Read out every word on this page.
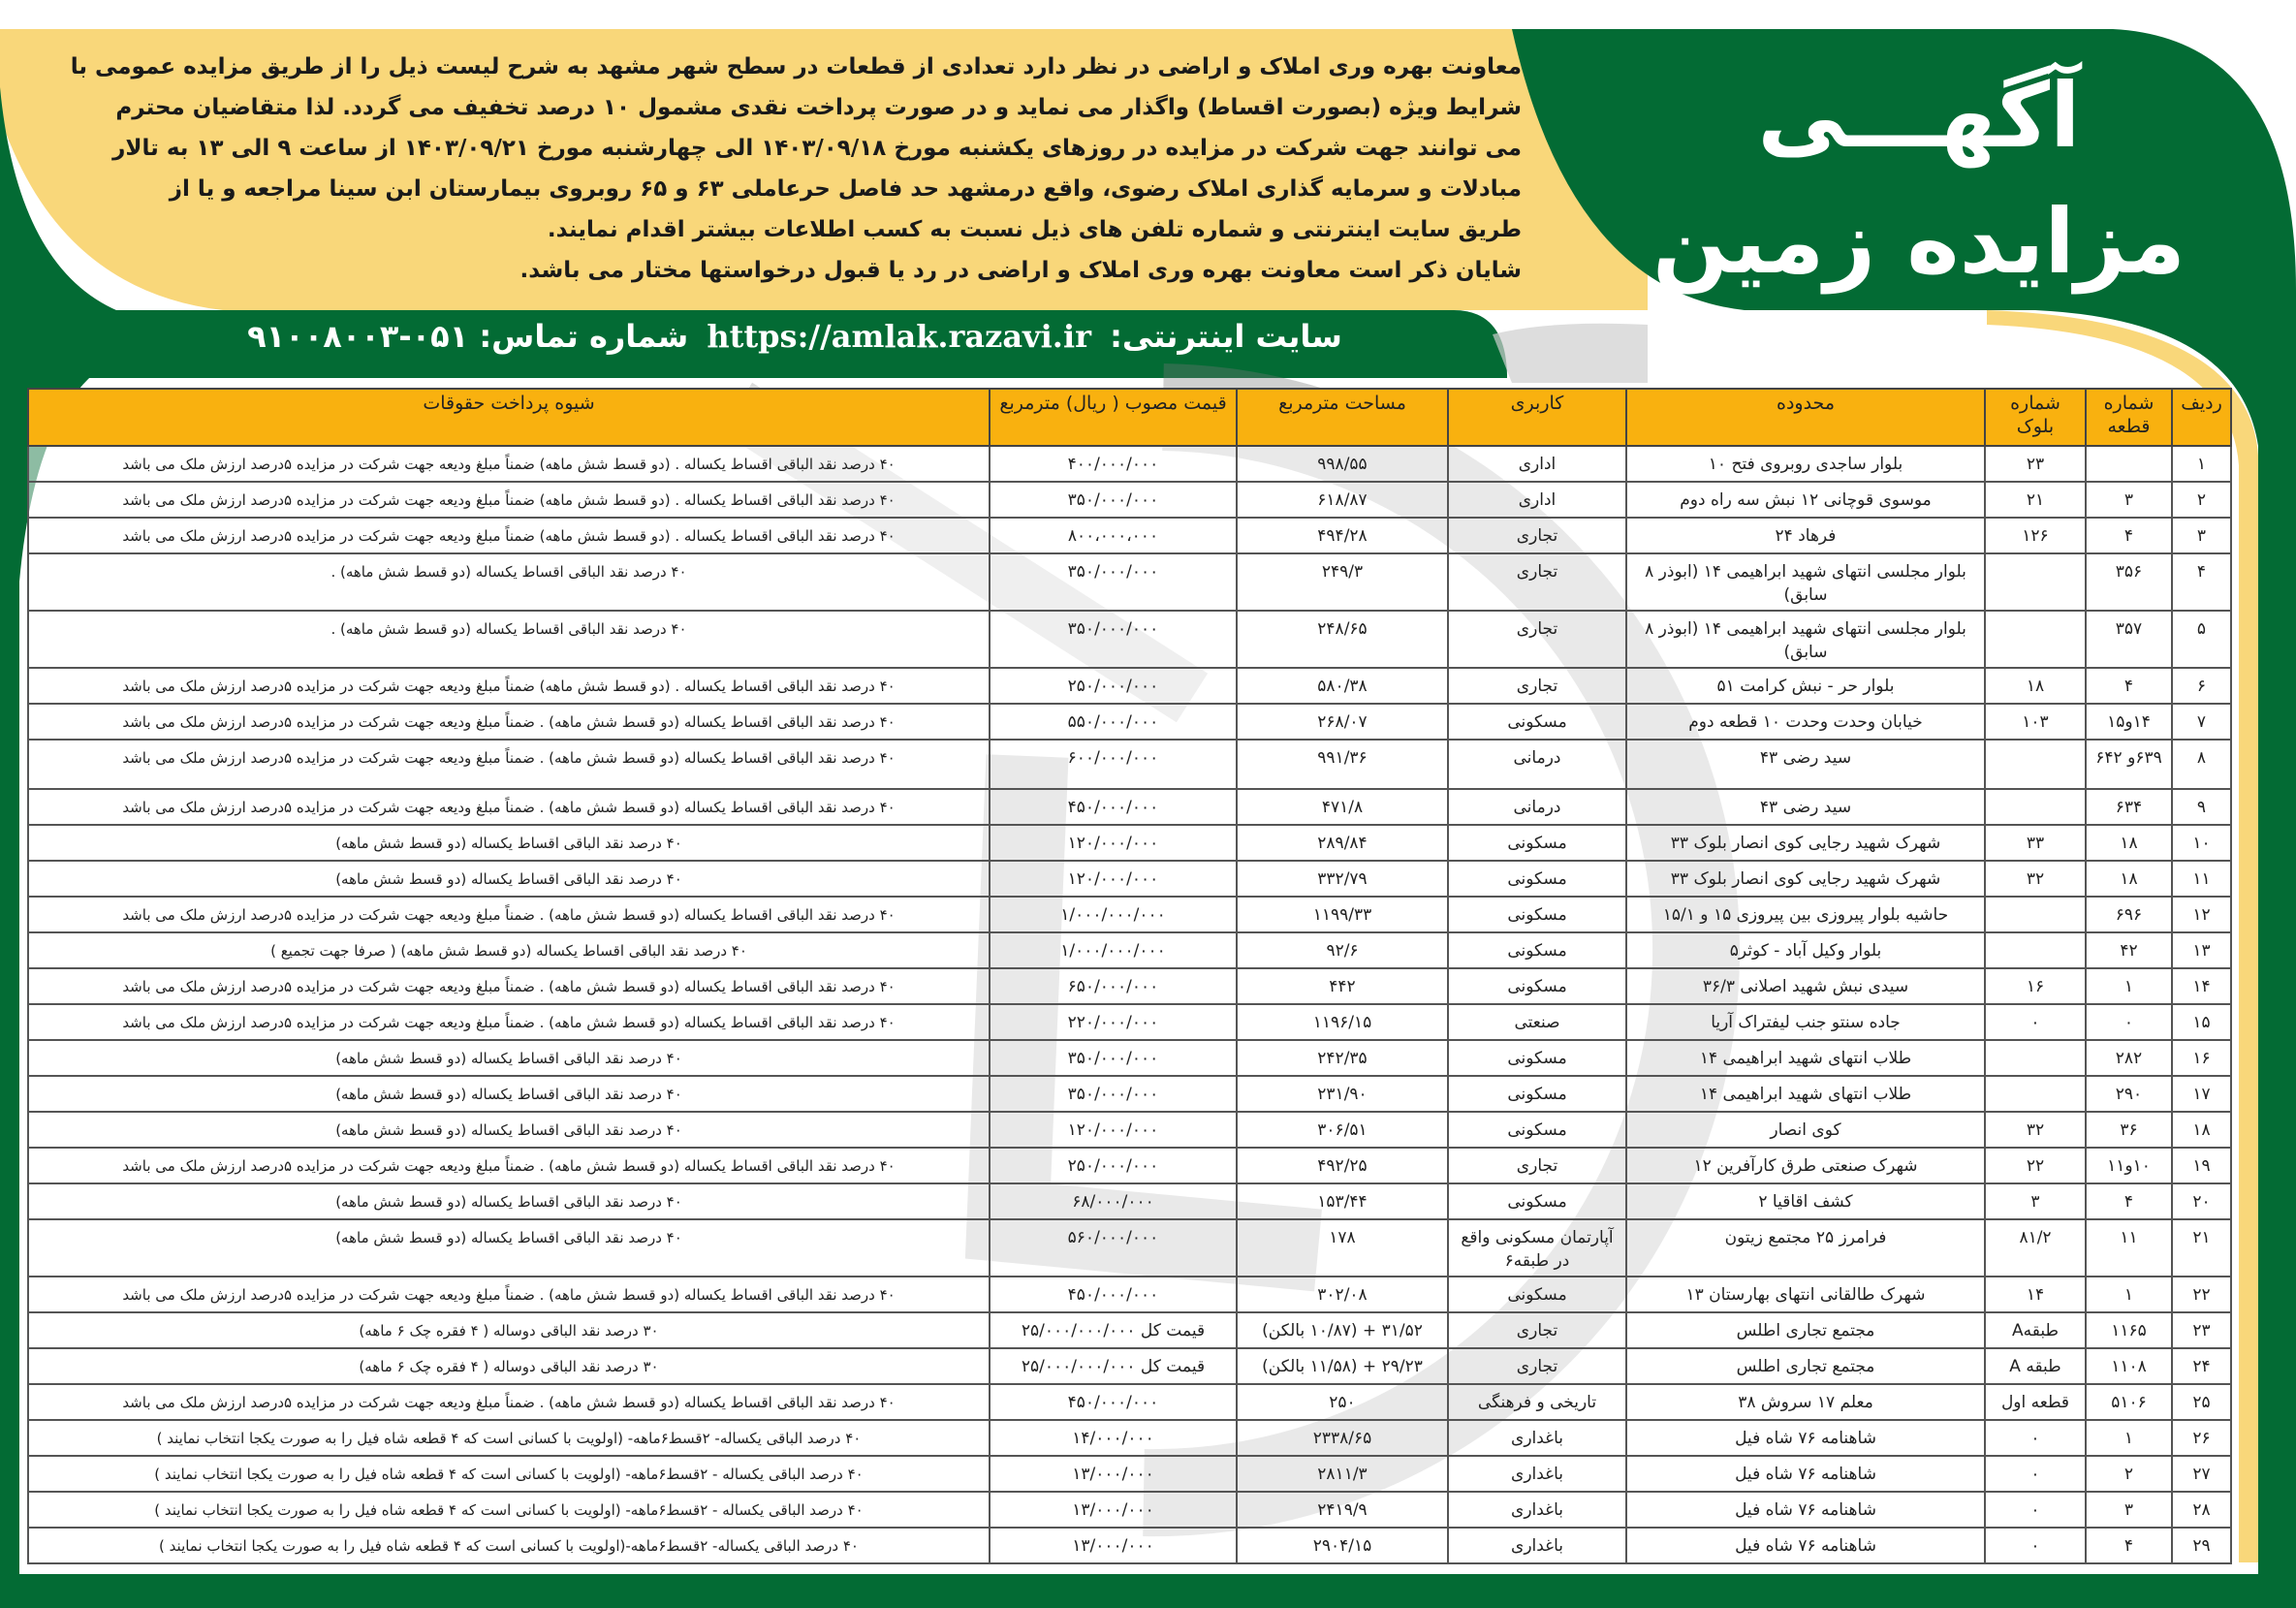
معاونت بهره وری املاک و اراضی در نظر دارد تعدادی از قطعات در سطح شهر مشهد به شرح لیست ذیل را از طریق مزایده عمومی با
شرایط ویژه (بصورت اقساط) واگذار می نماید و در صورت پرداخت نقدی مشمول ۱۰ درصد تخفیف می گردد. لذا متقاضیان محترم
می توانند جهت شرکت در مزایده در روزهای یکشنبه مورخ ۱۴۰۳/۰۹/۱۸ الی چهارشنبه مورخ ۱۴۰۳/۰۹/۲۱ از ساعت ۹ الی ۱۳ به تالار
مبادلات و سرمایه گذاری املاک رضوی، واقع درمشهد حد فاصل حرعاملی ۶۳ و ۶۵ روبروی بیمارستان ابن سینا مراجعه و یا از
طریق سایت اینترنتی و شماره تلفن های ذیل نسبت به کسب اطلاعات بیشتر اقدام نمایند.
شایان ذکر است معاونت بهره وری املاک و اراضی در رد یا قبول درخواستها مختار می باشد.
آگهـــی
مزایده زمین
سایت اینترنتی: https://amlak.razavi.ir شماره تماس: ۰۵۱-۹۱۰۰۸۰۰۳
ردیف	شماره قطعه	شماره بلوک	محدوده	کاربری	مساحت مترمربع	قیمت مصوب ( ریال) مترمربع	شیوه پرداخت حقوقات
۱		۲۳	بلوار ساجدی روبروی فتح ۱۰	اداری	۹۹۸/۵۵	۴۰۰/۰۰۰/۰۰۰	۴۰ درصد نقد الباقی اقساط یکساله . (دو قسط شش ماهه) ضمناً مبلغ ودیعه جهت شرکت در مزایده ۵درصد ارزش ملک می باشد
۲	۳	۲۱	موسوی قوچانی ۱۲ نبش سه راه دوم	اداری	۶۱۸/۸۷	۳۵۰/۰۰۰/۰۰۰	۴۰ درصد نقد الباقی اقساط یکساله . (دو قسط شش ماهه) ضمناً مبلغ ودیعه جهت شرکت در مزایده ۵درصد ارزش ملک می باشد
۳	۴	۱۲۶	فرهاد ۲۴	تجاری	۴۹۴/۲۸	۸۰۰،۰۰۰،۰۰۰	۴۰ درصد نقد الباقی اقساط یکساله . (دو قسط شش ماهه) ضمناً مبلغ ودیعه جهت شرکت در مزایده ۵درصد ارزش ملک می باشد
۴	۳۵۶		بلوار مجلسی انتهای شهید ابراهیمی ۱۴ (ابوذر ۸ سابق)	تجاری	۲۴۹/۳	۳۵۰/۰۰۰/۰۰۰	۴۰ درصد نقد الباقی اقساط یکساله (دو قسط شش ماهه) .
۵	۳۵۷		بلوار مجلسی انتهای شهید ابراهیمی ۱۴ (ابوذر ۸ سابق)	تجاری	۲۴۸/۶۵	۳۵۰/۰۰۰/۰۰۰	۴۰ درصد نقد الباقی اقساط یکساله (دو قسط شش ماهه) .
۶	۴	۱۸	بلوار حر - نبش کرامت ۵۱	تجاری	۵۸۰/۳۸	۲۵۰/۰۰۰/۰۰۰	۴۰ درصد نقد الباقی اقساط یکساله . (دو قسط شش ماهه) ضمناً مبلغ ودیعه جهت شرکت در مزایده ۵درصد ارزش ملک می باشد
۷	۱۴و۱۵	۱۰۳	خیابان وحدت وحدت ۱۰ قطعه دوم	مسکونی	۲۶۸/۰۷	۵۵۰/۰۰۰/۰۰۰	۴۰ درصد نقد الباقی اقساط یکساله (دو قسط شش ماهه) . ضمناً مبلغ ودیعه جهت شرکت در مزایده ۵درصد ارزش ملک می باشد
۸	۶۳۹و ۶۴۲		سید رضی ۴۳	درمانی	۹۹۱/۳۶	۶۰۰/۰۰۰/۰۰۰	۴۰ درصد نقد الباقی اقساط یکساله (دو قسط شش ماهه) . ضمناً مبلغ ودیعه جهت شرکت در مزایده ۵درصد ارزش ملک می باشد
۹	۶۳۴		سید رضی ۴۳	درمانی	۴۷۱/۸	۴۵۰/۰۰۰/۰۰۰	۴۰ درصد نقد الباقی اقساط یکساله (دو قسط شش ماهه) . ضمناً مبلغ ودیعه جهت شرکت در مزایده ۵درصد ارزش ملک می باشد
۱۰	۱۸	۳۳	شهرک شهید رجایی کوی انصار بلوک ۳۳	مسکونی	۲۸۹/۸۴	۱۲۰/۰۰۰/۰۰۰	۴۰ درصد نقد الباقی اقساط یکساله (دو قسط شش ماهه)
۱۱	۱۸	۳۲	شهرک شهید رجایی کوی انصار بلوک ۳۳	مسکونی	۳۳۲/۷۹	۱۲۰/۰۰۰/۰۰۰	۴۰ درصد نقد الباقی اقساط یکساله (دو قسط شش ماهه)
۱۲	۶۹۶		حاشیه بلوار پیروزی بین پیروزی ۱۵ و ۱۵/۱	مسکونی	۱۱۹۹/۳۳	۱/۰۰۰/۰۰۰/۰۰۰	۴۰ درصد نقد الباقی اقساط یکساله (دو قسط شش ماهه) . ضمناً مبلغ ودیعه جهت شرکت در مزایده ۵درصد ارزش ملک می باشد
۱۳	۴۲		بلوار وکیل آباد - کوثر۵	مسکونی	۹۲/۶	۱/۰۰۰/۰۰۰/۰۰۰	۴۰ درصد نقد الباقی اقساط یکساله (دو قسط شش ماهه) ( صرفا جهت تجمیع )
۱۴	۱	۱۶	سیدی نبش شهید اصلانی ۳۶/۳	مسکونی	۴۴۲	۶۵۰/۰۰۰/۰۰۰	۴۰ درصد نقد الباقی اقساط یکساله (دو قسط شش ماهه) . ضمناً مبلغ ودیعه جهت شرکت در مزایده ۵درصد ارزش ملک می باشد
۱۵	۰	۰	جاده سنتو جنب لیفتراک آریا	صنعتی	۱۱۹۶/۱۵	۲۲۰/۰۰۰/۰۰۰	۴۰ درصد نقد الباقی اقساط یکساله (دو قسط شش ماهه) . ضمناً مبلغ ودیعه جهت شرکت در مزایده ۵درصد ارزش ملک می باشد
۱۶	۲۸۲		طلاب انتهای شهید ابراهیمی ۱۴	مسکونی	۲۴۲/۳۵	۳۵۰/۰۰۰/۰۰۰	۴۰ درصد نقد الباقی اقساط یکساله (دو قسط شش ماهه)
۱۷	۲۹۰		طلاب انتهای شهید ابراهیمی ۱۴	مسکونی	۲۳۱/۹۰	۳۵۰/۰۰۰/۰۰۰	۴۰ درصد نقد الباقی اقساط یکساله (دو قسط شش ماهه)
۱۸	۳۶	۳۲	کوی انصار	مسکونی	۳۰۶/۵۱	۱۲۰/۰۰۰/۰۰۰	۴۰ درصد نقد الباقی اقساط یکساله (دو قسط شش ماهه)
۱۹	۱۰و۱۱	۲۲	شهرک صنعتی طرق کارآفرین ۱۲	تجاری	۴۹۲/۲۵	۲۵۰/۰۰۰/۰۰۰	۴۰ درصد نقد الباقی اقساط یکساله (دو قسط شش ماهه) . ضمناً مبلغ ودیعه جهت شرکت در مزایده ۵درصد ارزش ملک می باشد
۲۰	۴	۳	کشف اقاقیا ۲	مسکونی	۱۵۳/۴۴	۶۸/۰۰۰/۰۰۰	۴۰ درصد نقد الباقی اقساط یکساله (دو قسط شش ماهه)
۲۱	۱۱	۸۱/۲	فرامرز ۲۵ مجتمع زیتون	آپارتمان مسکونی واقع در طبقه۶	۱۷۸	۵۶۰/۰۰۰/۰۰۰	۴۰ درصد نقد الباقی اقساط یکساله (دو قسط شش ماهه)
۲۲	۱	۱۴	شهرک طالقانی انتهای بهارستان ۱۳	مسکونی	۳۰۲/۰۸	۴۵۰/۰۰۰/۰۰۰	۴۰ درصد نقد الباقی اقساط یکساله (دو قسط شش ماهه) . ضمناً مبلغ ودیعه جهت شرکت در مزایده ۵درصد ارزش ملک می باشد
۲۳	۱۱۶۵	طبقهA	مجتمع تجاری اطلس	تجاری	۳۱/۵۲ + (۱۰/۸۷ بالکن)	قیمت کل ۲۵/۰۰۰/۰۰۰/۰۰۰	۳۰ درصد نقد الباقی دوساله ( ۴ فقره چک ۶ ماهه)
۲۴	۱۱۰۸	طبقه A	مجتمع تجاری اطلس	تجاری	۲۹/۲۳ + (۱۱/۵۸ بالکن)	قیمت کل ۲۵/۰۰۰/۰۰۰/۰۰۰	۳۰ درصد نقد الباقی دوساله ( ۴ فقره چک ۶ ماهه)
۲۵	۵۱۰۶	قطعه اول	معلم ۱۷ سروش ۳۸	تاریخی و فرهنگی	۲۵۰	۴۵۰/۰۰۰/۰۰۰	۴۰ درصد نقد الباقی اقساط یکساله (دو قسط شش ماهه) . ضمناً مبلغ ودیعه جهت شرکت در مزایده ۵درصد ارزش ملک می باشد
۲۶	۱	۰	شاهنامه ۷۶ شاه فیل	باغداری	۲۳۳۸/۶۵	۱۴/۰۰۰/۰۰۰	۴۰ درصد الباقی یکساله- ۲قسط۶ماهه- (اولویت با کسانی است که ۴ قطعه شاه فیل را به صورت یکجا انتخاب نمایند )
۲۷	۲	۰	شاهنامه ۷۶ شاه فیل	باغداری	۲۸۱۱/۳	۱۳/۰۰۰/۰۰۰	۴۰ درصد الباقی یکساله - ۲قسط۶ماهه- (اولویت با کسانی است که ۴ قطعه شاه فیل را به صورت یکجا انتخاب نمایند )
۲۸	۳	۰	شاهنامه ۷۶ شاه فیل	باغداری	۲۴۱۹/۹	۱۳/۰۰۰/۰۰۰	۴۰ درصد الباقی یکساله - ۲قسط۶ماهه- (اولویت با کسانی است که ۴ قطعه شاه فیل را به صورت یکجا انتخاب نمایند )
۲۹	۴	۰	شاهنامه ۷۶ شاه فیل	باغداری	۲۹۰۴/۱۵	۱۳/۰۰۰/۰۰۰	۴۰ درصد الباقی یکساله- ۲قسط۶ماهه-(اولویت با کسانی است که ۴ قطعه شاه فیل را به صورت یکجا انتخاب نمایند )
